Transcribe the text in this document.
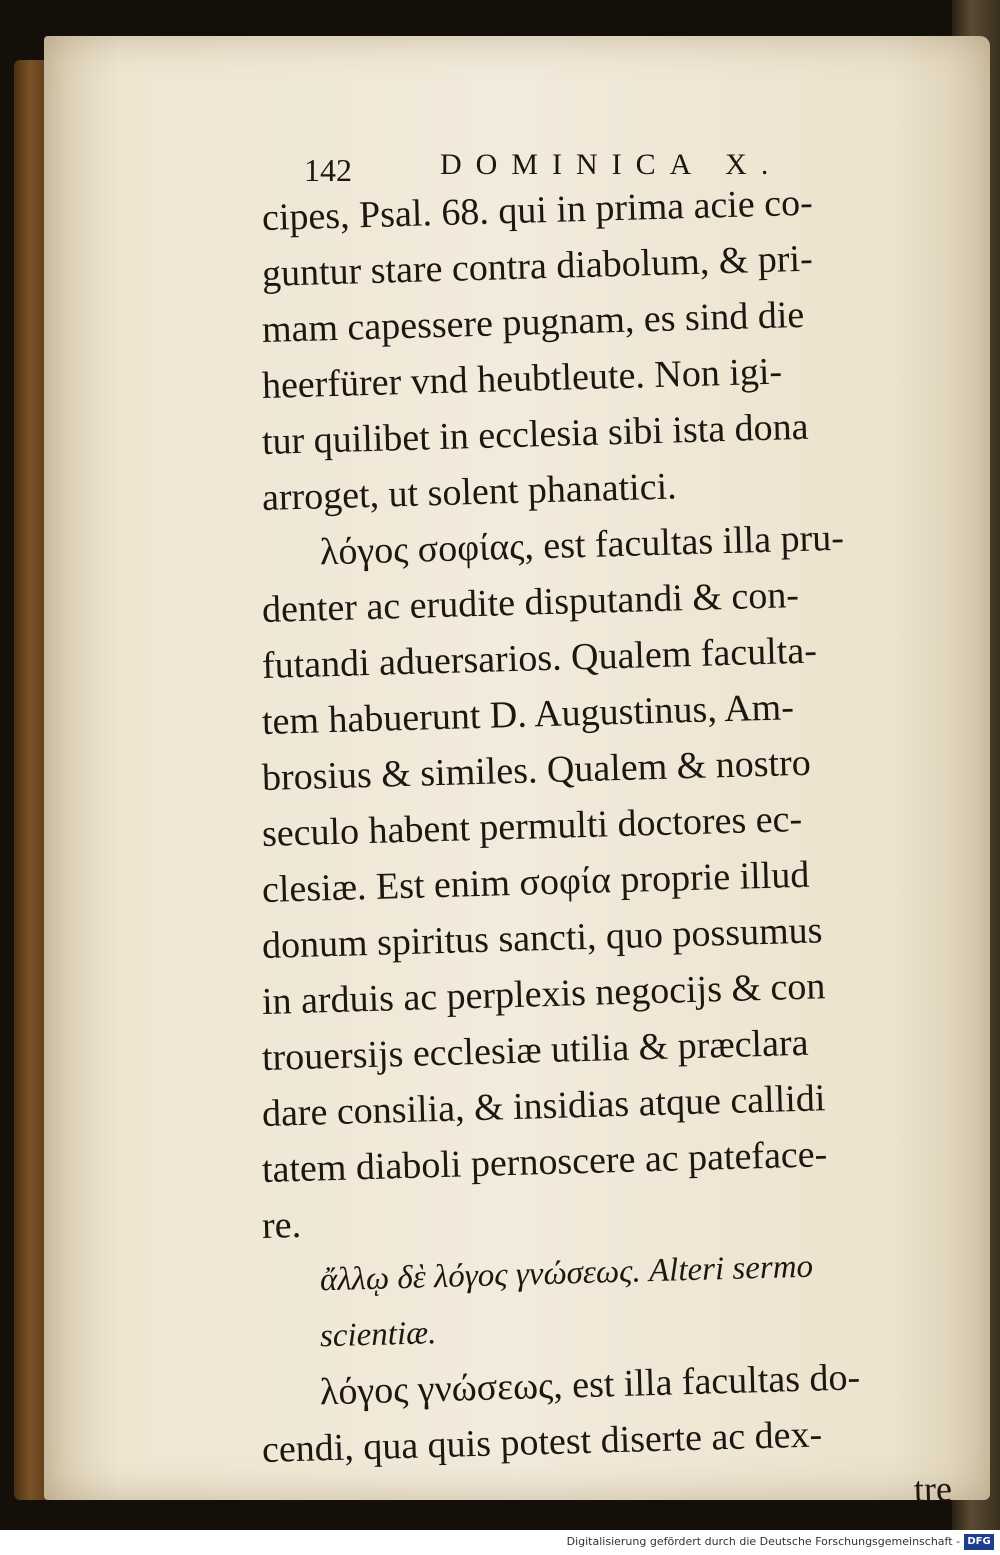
142	DOMINICA X.
cipes, Psal. 68. qui in prima acie co-
guntur stare contra diabolum, & pri-
mam capessere pugnam, es sind die
heerfürer vnd heubtleute. Non igi-
tur quilibet in ecclesia sibi ista dona
arroget, ut solent phanatici.
λόγος σοφίας, est facultas illa pru-
denter ac erudite disputandi & con-
futandi aduersarios. Qualem faculta-
tem habuerunt D. Augustinus, Am-
brosius & similes. Qualem & nostro
seculo habent permulti doctores ec-
clesiæ. Est enim σοφία proprie illud
donum spiritus sancti, quo possumus
in arduis ac perplexis negocijs & con
trouersijs ecclesiæ utilia & præclara
dare consilia, & insidias atque callidi
tatem diaboli pernoscere ac pateface-
re.
ἄλλῳ δὲ λόγος γνώσεως. Alteri sermo
scientiæ.
λόγος γνώσεως, est illa facultas do-
cendi, qua quis potest diserte ac dex-
tre
Digitalisierung gefördert durch die Deutsche Forschungsgemeinschaft - DFG
